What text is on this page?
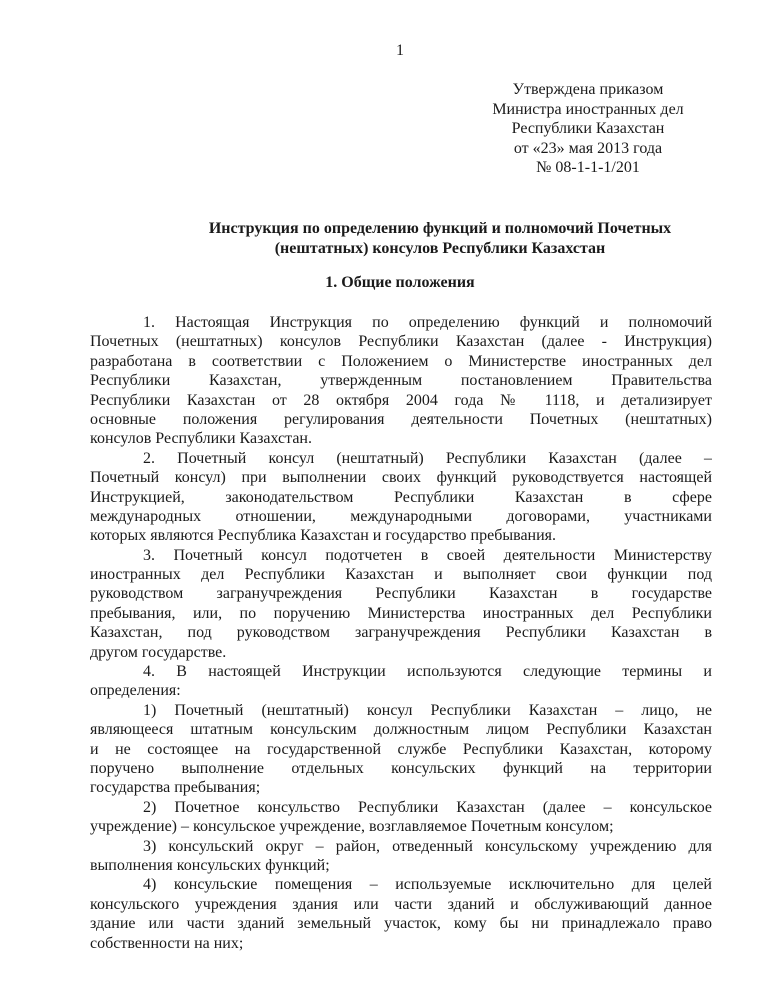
1
Утверждена приказом
Министра иностранных дел
Республики Казахстан
от «23» мая 2013 года
№ 08-1-1-1/201
Инструкция по определению функций и полномочий Почетных
(нештатных) консулов Республики Казахстан
1. Общие положения
1. Настоящая Инструкция по определению функций и полномочий
Почетных (нештатных) консулов Республики Казахстан (далее - Инструкция)
разработана в соответствии с Положением о Министерстве иностранных дел
Республики Казахстан, утвержденным постановлением Правительства
Республики Казахстан от 28 октября 2004 года № 1118, и детализирует
основные положения регулирования деятельности Почетных (нештатных)
консулов Республики Казахстан.
2. Почетный консул (нештатный) Республики Казахстан (далее –
Почетный консул) при выполнении своих функций руководствуется настоящей
Инструкцией, законодательством Республики Казахстан в сфере
международных отношении, международными договорами, участниками
которых являются Республика Казахстан и государство пребывания.
3. Почетный консул подотчетен в своей деятельности Министерству
иностранных дел Республики Казахстан и выполняет свои функции под
руководством загранучреждения Республики Казахстан в государстве
пребывания, или, по поручению Министерства иностранных дел Республики
Казахстан, под руководством загранучреждения Республики Казахстан в
другом государстве.
4. В настоящей Инструкции используются следующие термины и
определения:
1) Почетный (нештатный) консул Республики Казахстан – лицо, не
являющееся штатным консульским должностным лицом Республики Казахстан
и не состоящее на государственной службе Республики Казахстан, которому
поручено выполнение отдельных консульских функций на территории
государства пребывания;
2) Почетное консульство Республики Казахстан (далее – консульское
учреждение) – консульское учреждение, возглавляемое Почетным консулом;
3) консульский округ – район, отведенный консульскому учреждению для
выполнения консульских функций;
4) консульские помещения – используемые исключительно для целей
консульского учреждения здания или части зданий и обслуживающий данное
здание или части зданий земельный участок, кому бы ни принадлежало право
собственности на них;
